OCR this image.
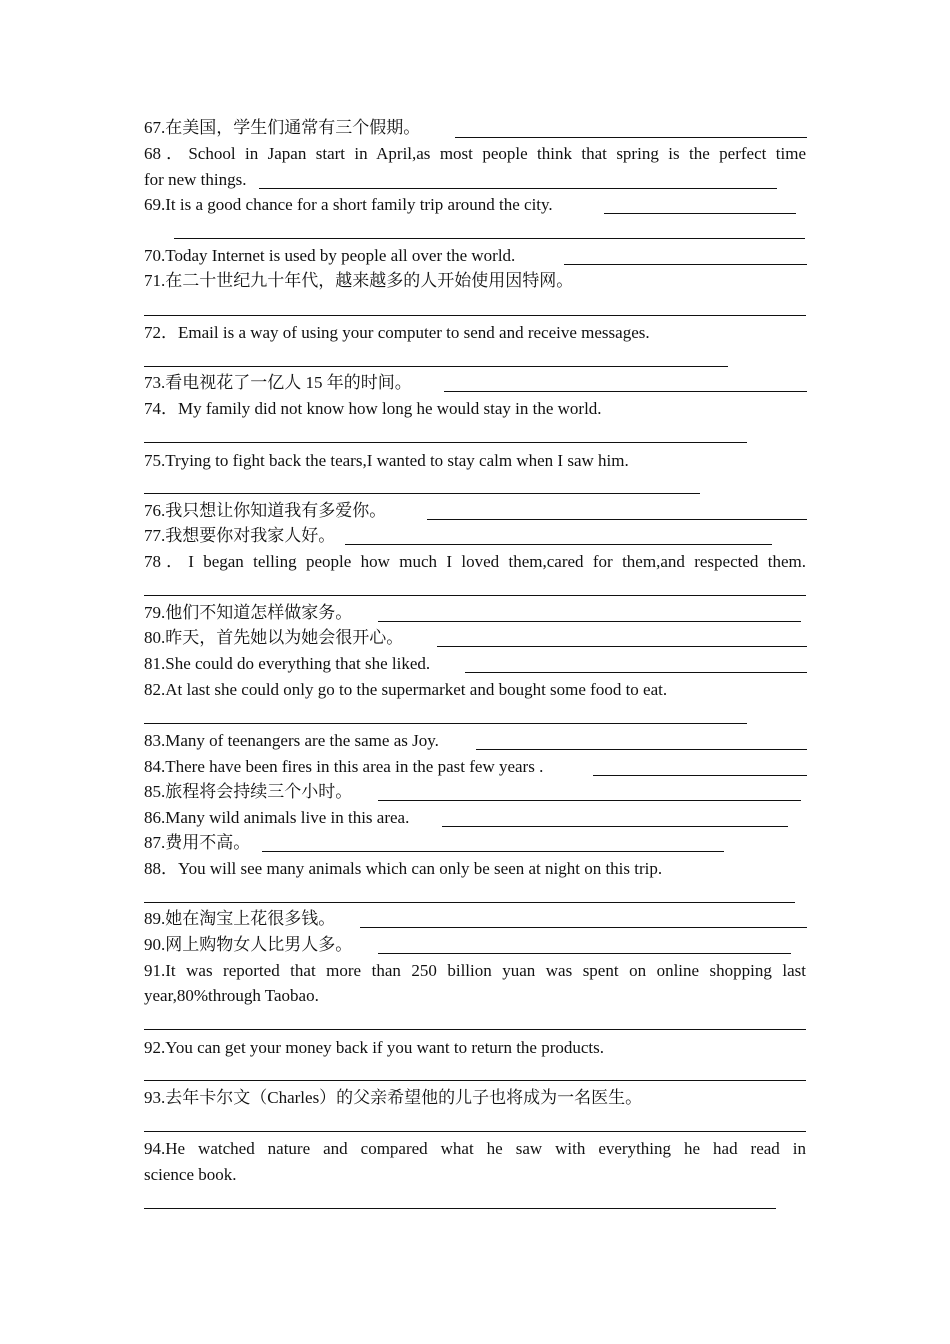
67.在美国，学生们通常有三个假期。
68．School in Japan start in April,as most people think that spring is the perfect time
for new things.
69.It is a good chance for a short family trip around the city.
70.Today Internet is used by people all over the world.
71.在二十世纪九十年代，越来越多的人开始使用因特网。
72．Email is a way of using your computer to send and receive messages.
73.看电视花了一亿人 15 年的时间。
74．My family did not know how long he would stay in the world.
75.Trying to fight back the tears,I wanted to stay calm when I saw him.
76.我只想让你知道我有多爱你。
77.我想要你对我家人好。
78．I began telling people how much I loved them,cared for them,and respected them.
79.他们不知道怎样做家务。
80.昨天，首先她以为她会很开心。
81.She could do everything that she liked.
82.At last she could only go to the supermarket and bought some food to eat.
83.Many of teenangers are the same as Joy.
84.There have been fires in this area in the past few years .
85.旅程将会持续三个小时。
86.Many wild animals live in this area.
87.费用不高。
88．You will see many animals which can only be seen at night on this trip.
89.她在淘宝上花很多钱。
90.网上购物女人比男人多。
91.It was reported that more than 250 billion yuan was spent on online shopping last
year,80%through Taobao.
92.You can get your money back if you want to return the products.
93.去年卡尔文（Charles）的父亲希望他的儿子也将成为一名医生。
94.He watched nature and compared what he saw with everything he had read in
science book.
